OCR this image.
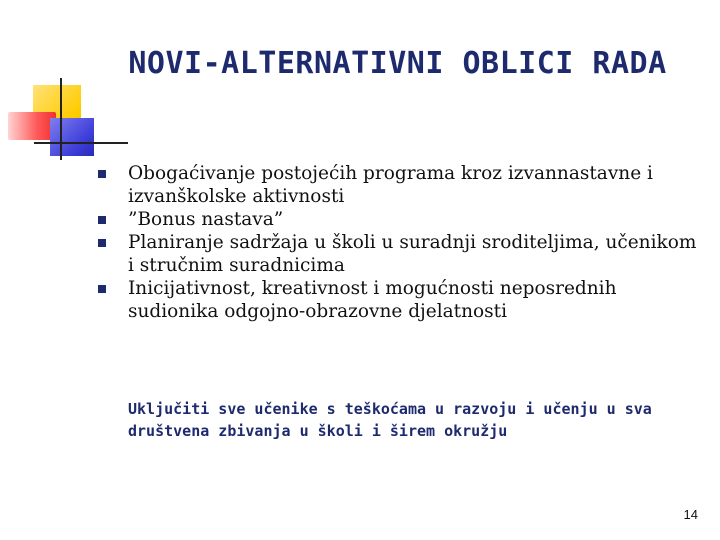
NOVI-ALTERNATIVNI OBLICI RADA
Obogaćivanje postojećih programa kroz izvannastavne i izvanškolske aktivnosti
”Bonus nastava”
Planiranje sadržaja u školi u suradnji sroditeljima, učenikom i stručnim suradnicima
Inicijativnost, kreativnost i mogućnosti neposrednih sudionika odgojno-obrazovne djelatnosti
Uključiti sve učenike s teškoćama u razvoju i učenju u sva društvena zbivanja u školi i širem okružju
14
